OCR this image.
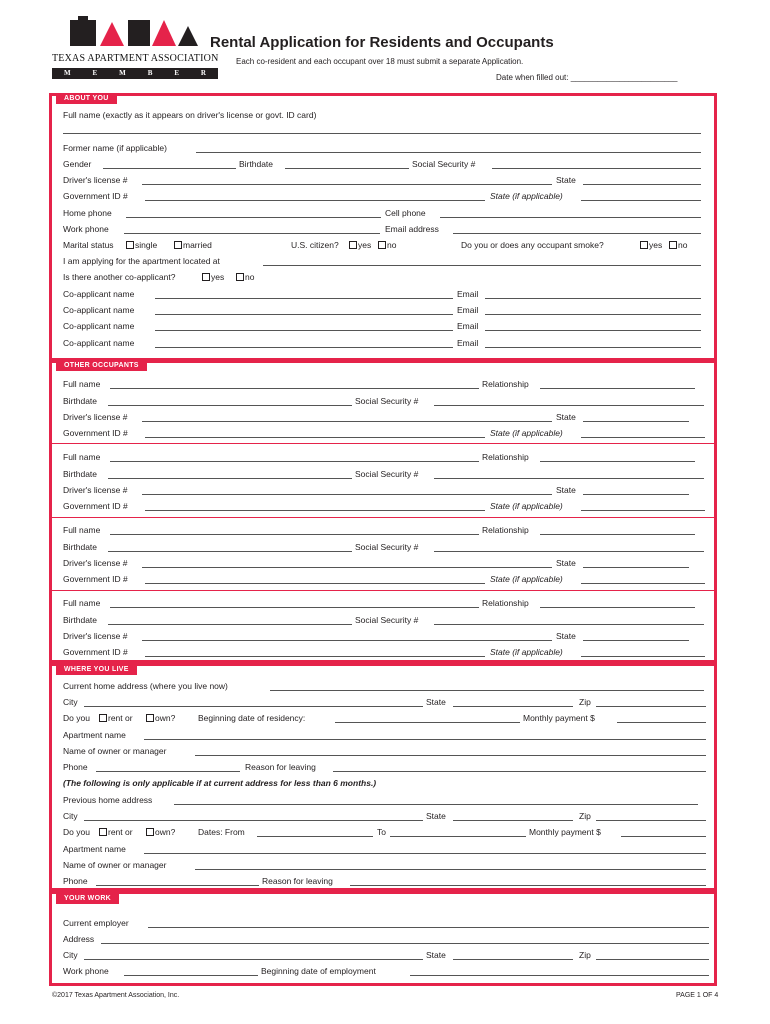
TEXAS APARTMENT ASSOCIATION
M	E	M	B	E	R
Rental Application for Residents and Occupants
Each co-resident and each occupant over 18 must submit a separate Application.
Date when filled out: ________________________
ABOUT YOU
Full name (exactly as it appears on driver's license or govt. ID card)
Former name (if applicable)
Gender	Birthdate	Social Security #
Driver's license #	State
Government ID #	State (if applicable)
Home phone	Cell phone
Work phone	Email address
Marital status	single	married	U.S. citizen?	yes	no	Do you or does any occupant smoke?	yes	no
I am applying for the apartment located at
Is there another co-applicant?	yes	no
Co-applicant name	Email
Co-applicant name	Email
Co-applicant name	Email
Co-applicant name	Email
OTHER OCCUPANTS
Full name	Relationship
Birthdate	Social Security #
Driver's license #	State
Government ID #	State (if applicable)
Full name	Relationship
Birthdate	Social Security #
Driver's license #	State
Government ID #	State (if applicable)
Full name	Relationship
Birthdate	Social Security #
Driver's license #	State
Government ID #	State (if applicable)
Full name	Relationship
Birthdate	Social Security #
Driver's license #	State
Government ID #	State (if applicable)
WHERE YOU LIVE
Current home address (where you live now)
City	State	Zip
Do you	rent or	own?	Beginning date of residency:	Monthly payment $
Apartment name
Name of owner or manager
Phone	Reason for leaving
(The following is only applicable if at current address for less than 6 months.)
Previous home address
City	State	Zip
Do you	rent or	own?	Dates: From	To	Monthly payment $
Apartment name
Name of owner or manager
Phone	Reason for leaving
YOUR WORK
Current employer
Address
City	State	Zip
Work phone	Beginning date of employment
©2017 Texas Apartment Association, Inc.	PAGE 1 OF 4
